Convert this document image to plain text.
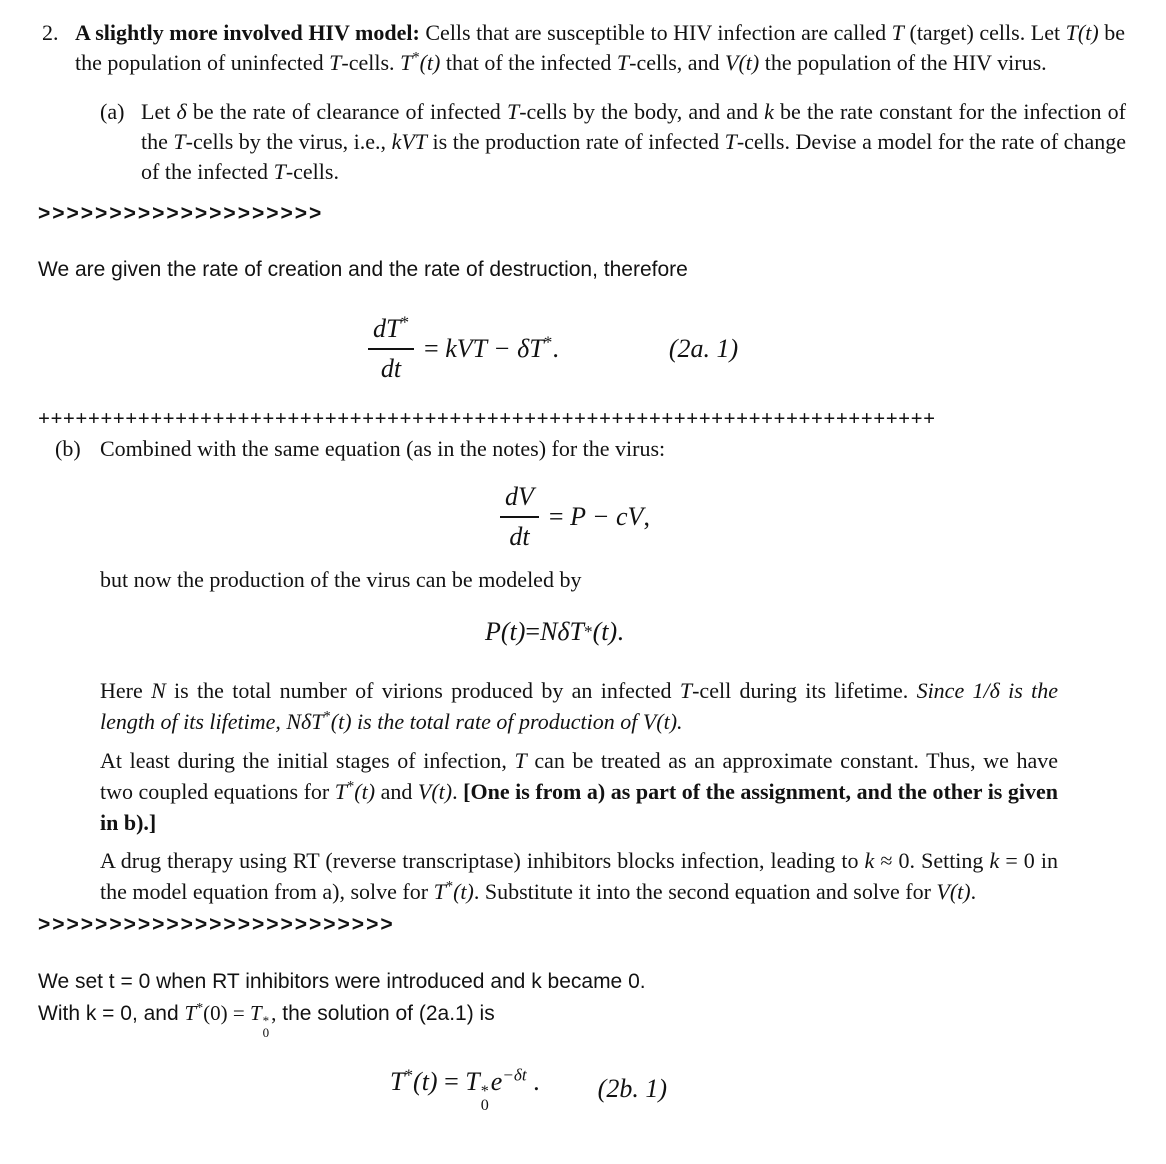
2. A slightly more involved HIV model: Cells that are susceptible to HIV infection are called T (target) cells. Let T(t) be the population of uninfected T-cells. T*(t) that of the infected T-cells, and V(t) the population of the HIV virus.

(a) Let δ be the rate of clearance of infected T-cells by the body, and and k be the rate constant for the infection of the T-cells by the virus, i.e., kVT is the production rate of infected T-cells. Devise a model for the rate of change of the infected T-cells.

>>>>>>>>>>>>>>>>>>>>

We are given the rate of creation and the rate of destruction, therefore

$\frac{dT^*}{dt}$ = kVT − δT*.	(2a. 1)
++++++++++++++++++++++++++++++++++++++++++++++++++++++++++++++++++++++++
(b) Combined with the same equation (as in the notes) for the virus:

$\frac{dV}{dt} = P$ − cV,

but now the production of the virus can be modeled by

P(t) = NδT * (t) .

Here N is the total number of virions produced by an infected T-cell during its lifetime. Since 1/δ is the length of its lifetime, NδT*(t) is the total rate of production of V(t).

At least during the initial stages of infection, T can be treated as an approximate constant. Thus, we have two coupled equations for T*(t) and V(t). [One is from a) as part of the assignment, and the other is given in b).]

A drug therapy using RT (reverse transcriptase) inhibitors blocks infection, leading to k ≈ 0. Setting k = 0 in the model equation from a), solve for T*(t). Substitute it into the second equation and solve for V(t).

>>>>>>>>>>>>>>>>>>>>>>>>>

We set t = 0 when RT inhibitors were introduced and k became 0.

With k = 0, and T*(0) = T *
0
, the solution of (2a.1) is

T*(t) = T *
0
$e^{-\delta t}$ . (2b. 1)
